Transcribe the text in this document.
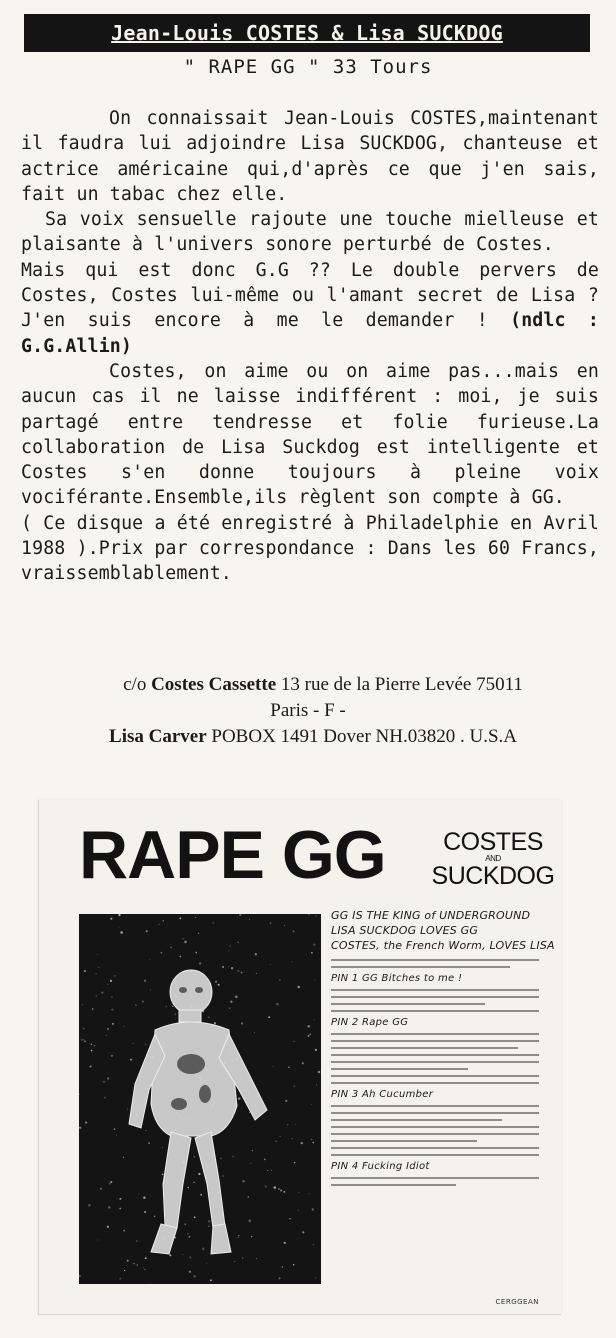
Jean-Louis COSTES & Lisa SUCKDOG
" RAPE GG " 33 Tours

On connaissait Jean-Louis COSTES,maintenant il faudra lui adjoindre Lisa SUCKDOG, chanteuse et actrice américaine qui,d'après ce que j'en sais, fait un tabac chez elle.

Sa voix sensuelle rajoute une touche mielleuse et plaisante à l'univers sonore perturbé de Costes.

Mais qui est donc G.G ?? Le double pervers de Costes, Costes lui-même ou l'amant secret de Lisa ? J'en suis encore à me le demander ! (ndlc : G.G.Allin)

Costes, on aime ou on aime pas...mais en aucun cas il ne laisse indifférent : moi, je suis partagé entre tendresse et folie furieuse.La collaboration de Lisa Suckdog est intelligente et Costes s'en donne toujours à pleine voix vociférante.Ensemble,ils règlent son compte à GG.

( Ce disque a été enregistré à Philadelphie en Avril 1988 ).Prix par correspondance : Dans les 60 Francs, vraissemblablement.

c/o Costes Cassette 13 rue de la Pierre Levée 75011
Paris - F -
Lisa Carver POBOX 1491 Dover NH.03820 . U.S.A
RAPE GG	COSTES
AND
SUCKDOG
GG IS THE KING of UNDERGROUND
LISA SUCKDOG LOVES GG
COSTES, the French Worm, LOVES LISA
PIN 1 GG Bitches to me !
PIN 2 Rape GG
PIN 3 Ah Cucumber
PIN 4 Fucking Idiot
CERGGEAN
